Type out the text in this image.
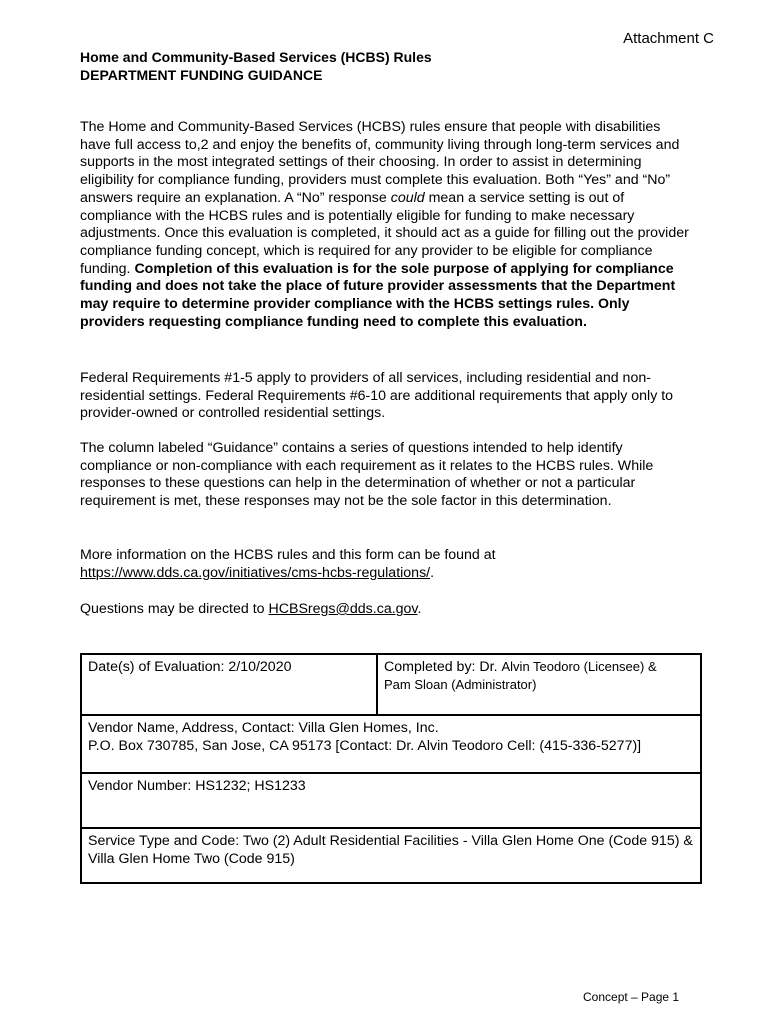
Attachment C
Home and Community-Based Services (HCBS) Rules
DEPARTMENT FUNDING GUIDANCE

The Home and Community-Based Services (HCBS) rules ensure that people with disabilities have full access to,2 and enjoy the benefits of, community living through long-term services and supports in the most integrated settings of their choosing. In order to assist in determining eligibility for compliance funding, providers must complete this evaluation. Both “Yes” and “No” answers require an explanation. A “No” response could mean a service setting is out of compliance with the HCBS rules and is potentially eligible for funding to make necessary adjustments. Once this evaluation is completed, it should act as a guide for filling out the provider compliance funding concept, which is required for any provider to be eligible for compliance funding. Completion of this evaluation is for the sole purpose of applying for compliance funding and does not take the place of future provider assessments that the Department may require to determine provider compliance with the HCBS settings rules. Only providers requesting compliance funding need to complete this evaluation.

Federal Requirements #1-5 apply to providers of all services, including residential and non-residential settings. Federal Requirements #6-10 are additional requirements that apply only to provider-owned or controlled residential settings.

The column labeled “Guidance” contains a series of questions intended to help identify compliance or non-compliance with each requirement as it relates to the HCBS rules. While responses to these questions can help in the determination of whether or not a particular requirement is met, these responses may not be the sole factor in this determination.

More information on the HCBS rules and this form can be found at
https://www.dds.ca.gov/initiatives/cms-hcbs-regulations/.

Questions may be directed to HCBSregs@dds.ca.gov.

Date(s) of Evaluation: 2/10/2020	Completed by: Dr. Alvin Teodoro (Licensee) &
Pam Sloan (Administrator)

Vendor Name, Address, Contact: Villa Glen Homes, Inc.
P.O. Box 730785, San Jose, CA 95173 [Contact: Dr. Alvin Teodoro Cell: (415-336-5277)]

Vendor Number: HS1232; HS1233

Service Type and Code: Two (2) Adult Residential Facilities - Villa Glen Home One (Code 915) & Villa Glen Home Two (Code 915)
Concept – Page 1
